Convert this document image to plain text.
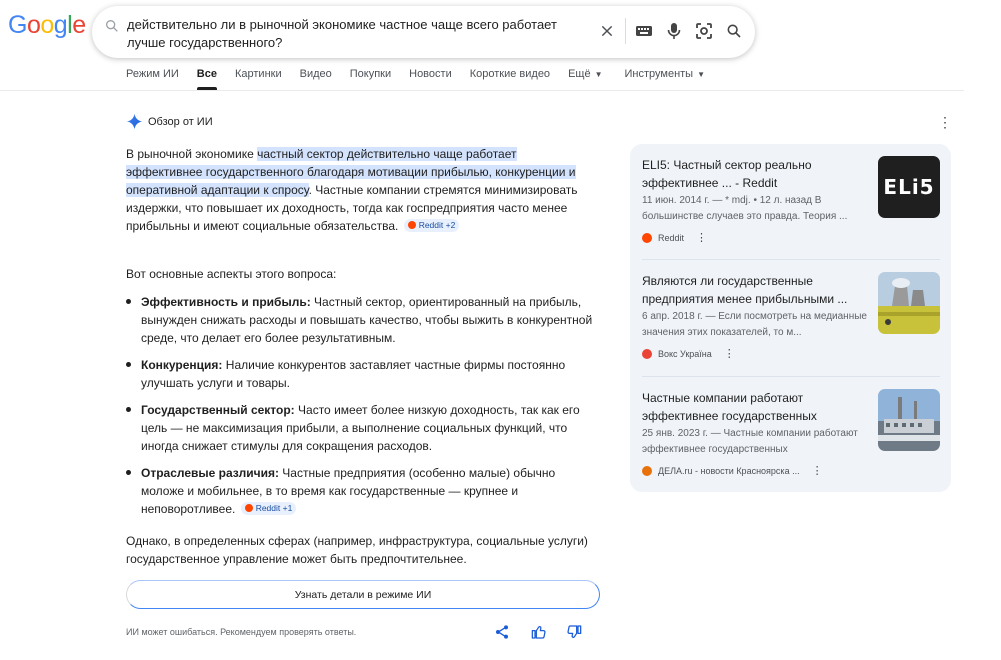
Google	действительно ли в рыночной экономике частное чаще всего работает лучше государственного?
Режим ИИ Все Картинки Видео Покупки Новости Короткие видео Ещё ▼ Инструменты ▼
Обзор от ИИ	⋮
В рыночной экономике частный сектор действительно чаще работает эффективнее государственного благодаря мотивации прибылью, конкуренции и оперативной адаптации к спросу. Частные компании стремятся минимизировать издержки, что повышает их доходность, тогда как госпредприятия часто менее прибыльны и имеют социальные обязательства. Reddit +2
Вот основные аспекты этого вопроса:
Эффективность и прибыль: Частный сектор, ориентированный на прибыль, вынужден снижать расходы и повышать качество, чтобы выжить в конкурентной среде, что делает его более результативным.
Конкуренция: Наличие конкурентов заставляет частные фирмы постоянно улучшать услуги и товары.
Государственный сектор: Часто имеет более низкую доходность, так как его цель — не максимизация прибыли, а выполнение социальных функций, что иногда снижает стимулы для сокращения расходов.
Отраслевые различия: Частные предприятия (особенно малые) обычно моложе и мобильнее, в то время как государственные — крупнее и неповоротливее. Reddit +1
Однако, в определенных сферах (например, инфраструктура, социальные услуги) государственное управление может быть предпочтительнее.
Узнать детали в режиме ИИ
ИИ может ошибаться. Рекомендуем проверять ответы.
ELI5: Частный сектор реально эффективнее ... - Reddit
11 июн. 2014 г. — * mdj. • 12 л. назад В большинстве случаев это правда. Теория ...
Reddit ⋮
ELi5
Являются ли государственные предприятия менее прибыльными ...
6 апр. 2018 г. — Если посмотреть на медианные значения этих показателей, то м...
Вокс Україна ⋮
Частные компании работают эффективнее государственных
25 янв. 2023 г. — Частные компании работают эффективнее государственных
ДЕЛА.ru - новости Красноярска ... ⋮
